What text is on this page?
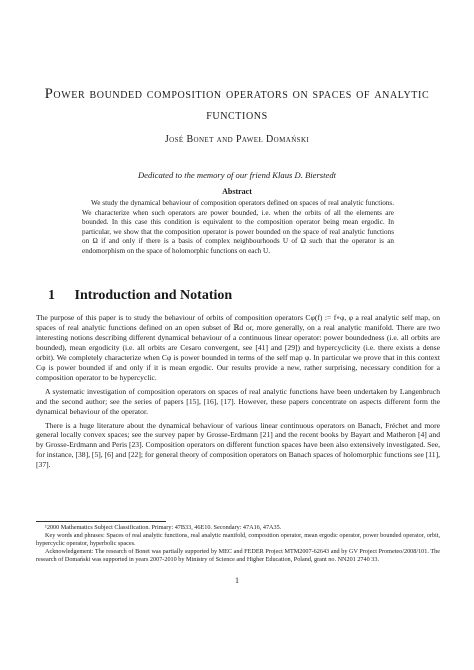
Power bounded composition operators on spaces of analytic functions
José Bonet and Paweł Domański
Dedicated to the memory of our friend Klaus D. Bierstedt
Abstract
We study the dynamical behaviour of composition operators defined on spaces of real analytic functions. We characterize when such operators are power bounded, i.e. when the orbits of all the elements are bounded. In this case this condition is equivalent to the composition operator being mean ergodic. In particular, we show that the composition operator is power bounded on the space of real analytic functions on Ω if and only if there is a basis of complex neighbourhoods U of Ω such that the operator is an endomorphism on the space of holomorphic functions on each U.
1 Introduction and Notation

The purpose of this paper is to study the behaviour of orbits of composition operators Cφ(f) := f∘φ, φ a real analytic self map, on spaces of real analytic functions defined on an open subset of ℝd or, more generally, on a real analytic manifold. There are two interesting notions describing different dynamical behaviour of a continuous linear operator: power boundedness (i.e. all orbits are bounded), mean ergodicity (i.e. all orbits are Cesaro convergent, see [41] and [29]) and hypercyclicity (i.e. there exists a dense orbit). We completely characterize when Cφ is power bounded in terms of the self map φ. In particular we prove that in this context Cφ is power bounded if and only if it is mean ergodic. Our results provide a new, rather surprising, necessary condition for a composition operator to be hypercyclic.

A systematic investigation of composition operators on spaces of real analytic functions have been undertaken by Langenbruch and the second author; see the series of papers [15], [16], [17]. However, these papers concentrate on aspects different form the dynamical behaviour of the operator.

There is a huge literature about the dynamical behaviour of various linear continuous operators on Banach, Fréchet and more general locally convex spaces; see the survey paper by Grosse-Erdmann [21] and the recent books by Bayart and Matheron [4] and by Grosse-Erdmann and Peris [23]. Composition operators on different function spaces have been also extensively investigated. See, for instance, [38], [5], [6] and [22]; for general theory of composition operators on Banach spaces of holomorphic functions see [11], [37].

¹2000 Mathematics Subject Classification. Primary: 47B33, 46E10. Secondary: 47A16, 47A35.

Key words and phrases: Spaces of real analytic functions, real analytic manifold, composition operator, mean ergodic operator, power bounded operator, orbit, hypercyclic operator, hyperbolic spaces.

Acknowledgement: The research of Bonet was partially supported by MEC and FEDER Project MTM2007-62643 and by GV Project Prometeo/2008/101. The research of Domański was supported in years 2007-2010 by Ministry of Science and Higher Education, Poland, grant no. NN201 2740 33.

1
